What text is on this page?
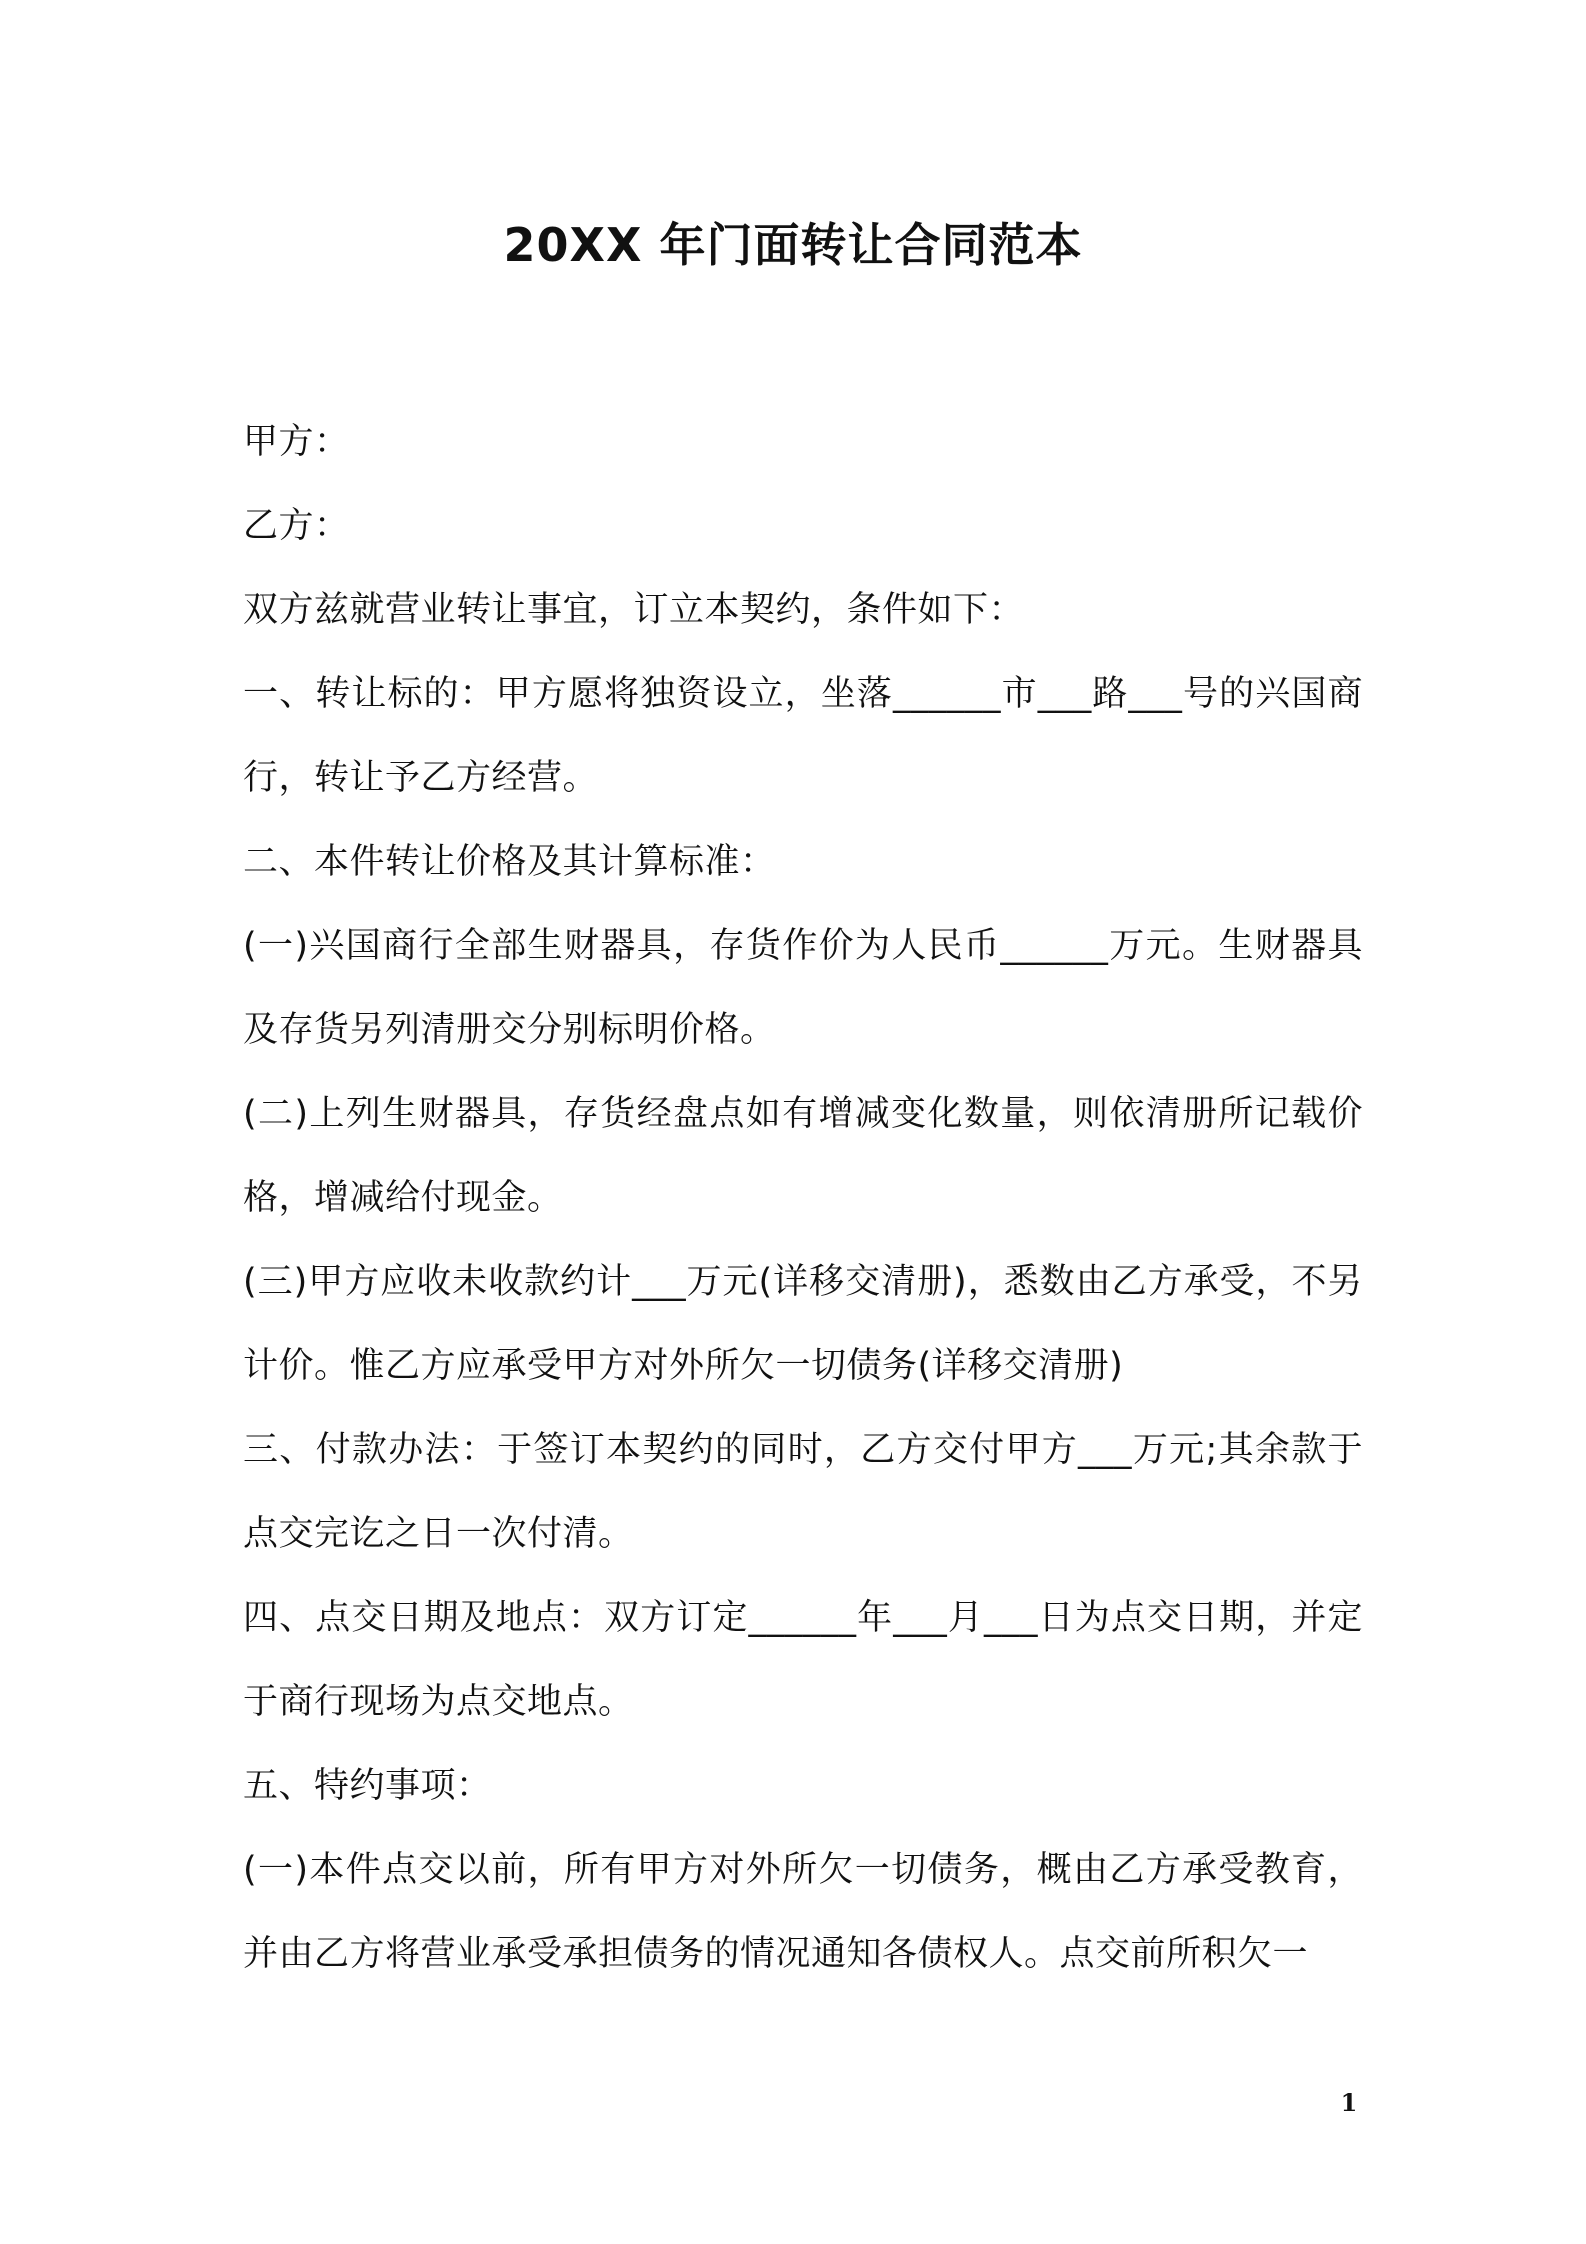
20XX 年门面转让合同范本

甲方：

乙方：

双方兹就营业转让事宜，订立本契约，条件如下：

一、转让标的：甲方愿将独资设立，坐落______市___路___号的兴国商行，转让予乙方经营。

二、本件转让价格及其计算标准：

(一)兴国商行全部生财器具，存货作价为人民币______万元。生财器具及存货另列清册交分别标明价格。

(二)上列生财器具，存货经盘点如有增减变化数量，则依清册所记载价格，增减给付现金。

(三)甲方应收未收款约计___万元(详移交清册)，悉数由乙方承受，不另计价。惟乙方应承受甲方对外所欠一切债务(详移交清册)

三、付款办法：于签订本契约的同时，乙方交付甲方___万元;其余款于点交完讫之日一次付清。

四、点交日期及地点：双方订定______年___月___日为点交日期，并定于商行现场为点交地点。

五、特约事项：

(一)本件点交以前，所有甲方对外所欠一切债务，概由乙方承受教育，并由乙方将营业承受承担债务的情况通知各债权人。点交前所积欠一

1
